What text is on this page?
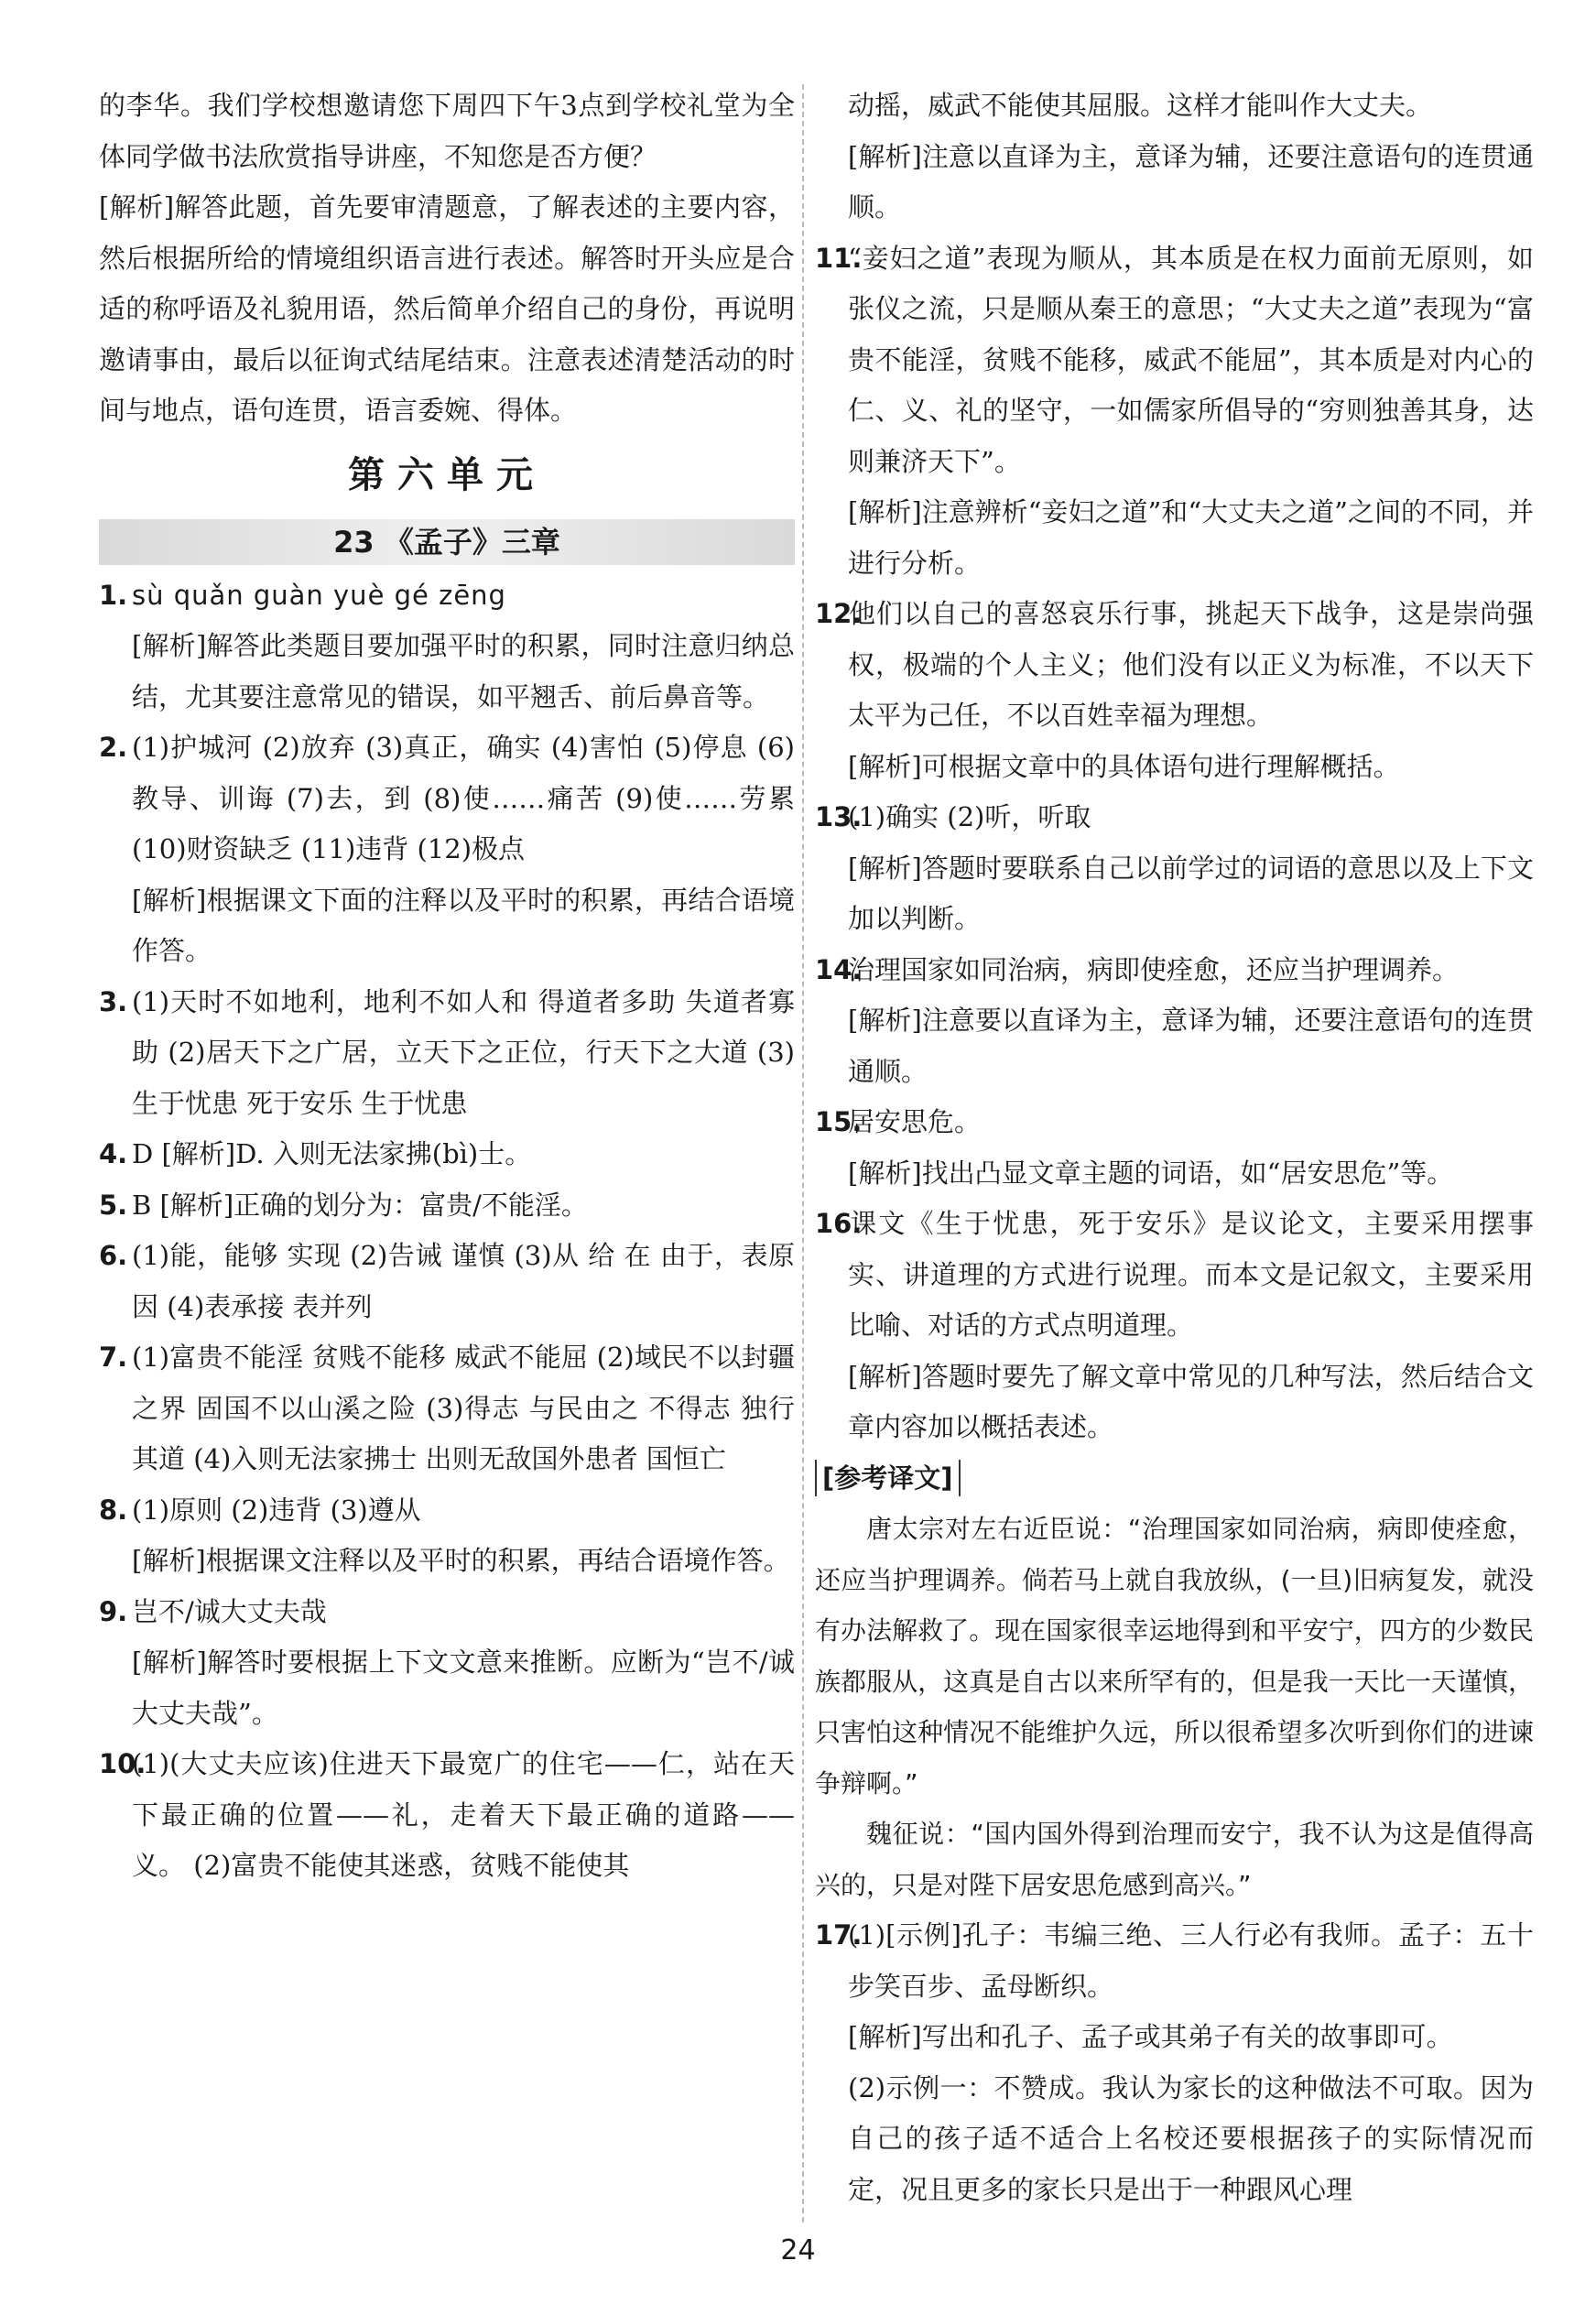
的李华。我们学校想邀请您下周四下午3点到学校礼堂为全体同学做书法欣赏指导讲座，不知您是否方便？

[解析]解答此题，首先要审清题意，了解表述的主要内容，然后根据所给的情境组织语言进行表述。解答时开头应是合适的称呼语及礼貌用语，然后简单介绍自己的身份，再说明邀请事由，最后以征询式结尾结束。注意表述清楚活动的时间与地点，语句连贯，语言委婉、得体。

第六单元
23 《孟子》三章

1. sù quǎn guàn yuè gé zēng

[解析]解答此类题目要加强平时的积累，同时注意归纳总结，尤其要注意常见的错误，如平翘舌、前后鼻音等。

2. (1)护城河 (2)放弃 (3)真正，确实 (4)害怕 (5)停息 (6)教导、训诲 (7)去，到 (8)使……痛苦 (9)使……劳累 (10)财资缺乏 (11)违背 (12)极点

[解析]根据课文下面的注释以及平时的积累，再结合语境作答。

3. (1)天时不如地利，地利不如人和 得道者多助 失道者寡助 (2)居天下之广居，立天下之正位，行天下之大道 (3)生于忧患 死于安乐 生于忧患

4. D [解析]D. 入则无法家拂(bì)士。

5. B [解析]正确的划分为：富贵/不能淫。

6. (1)能，能够 实现 (2)告诫 谨慎 (3)从 给 在 由于，表原因 (4)表承接 表并列

7. (1)富贵不能淫 贫贱不能移 威武不能屈 (2)域民不以封疆之界 固国不以山溪之险 (3)得志 与民由之 不得志 独行其道 (4)入则无法家拂士 出则无敌国外患者 国恒亡

8. (1)原则 (2)违背 (3)遵从

[解析]根据课文注释以及平时的积累，再结合语境作答。

9. 岂不/诚大丈夫哉

[解析]解答时要根据上下文文意来推断。应断为“岂不/诚大丈夫哉”。

10.(1)(大丈夫应该)住进天下最宽广的住宅——仁，站在天下最正确的位置——礼，走着天下最正确的道路——义。 (2)富贵不能使其迷惑，贫贱不能使其

动摇，威武不能使其屈服。这样才能叫作大丈夫。

[解析]注意以直译为主，意译为辅，还要注意语句的连贯通顺。

11.“妾妇之道”表现为顺从，其本质是在权力面前无原则，如张仪之流，只是顺从秦王的意思；“大丈夫之道”表现为“富贵不能淫，贫贱不能移，威武不能屈”，其本质是对内心的仁、义、礼的坚守，一如儒家所倡导的“穷则独善其身，达则兼济天下”。

[解析]注意辨析“妾妇之道”和“大丈夫之道”之间的不同，并进行分析。

12.他们以自己的喜怒哀乐行事，挑起天下战争，这是崇尚强权，极端的个人主义；他们没有以正义为标准，不以天下太平为己任，不以百姓幸福为理想。

[解析]可根据文章中的具体语句进行理解概括。

13.(1)确实 (2)听，听取

[解析]答题时要联系自己以前学过的词语的意思以及上下文加以判断。

14.治理国家如同治病，病即使痊愈，还应当护理调养。

[解析]注意要以直译为主，意译为辅，还要注意语句的连贯通顺。

15.居安思危。

[解析]找出凸显文章主题的词语，如“居安思危”等。

16.课文《生于忧患，死于安乐》是议论文，主要采用摆事实、讲道理的方式进行说理。而本文是记叙文，主要采用比喻、对话的方式点明道理。

[解析]答题时要先了解文章中常见的几种写法，然后结合文章内容加以概括表述。

[参考译文]

唐太宗对左右近臣说：“治理国家如同治病，病即使痊愈，还应当护理调养。倘若马上就自我放纵，(一旦)旧病复发，就没有办法解救了。现在国家很幸运地得到和平安宁，四方的少数民族都服从，这真是自古以来所罕有的，但是我一天比一天谨慎，只害怕这种情况不能维护久远，所以很希望多次听到你们的进谏争辩啊。”

魏征说：“国内国外得到治理而安宁，我不认为这是值得高兴的，只是对陛下居安思危感到高兴。”

17.(1)[示例]孔子：韦编三绝、三人行必有我师。孟子：五十步笑百步、孟母断织。

[解析]写出和孔子、孟子或其弟子有关的故事即可。

(2)示例一：不赞成。我认为家长的这种做法不可取。因为自己的孩子适不适合上名校还要根据孩子的实际情况而定，况且更多的家长只是出于一种跟风心理

24
